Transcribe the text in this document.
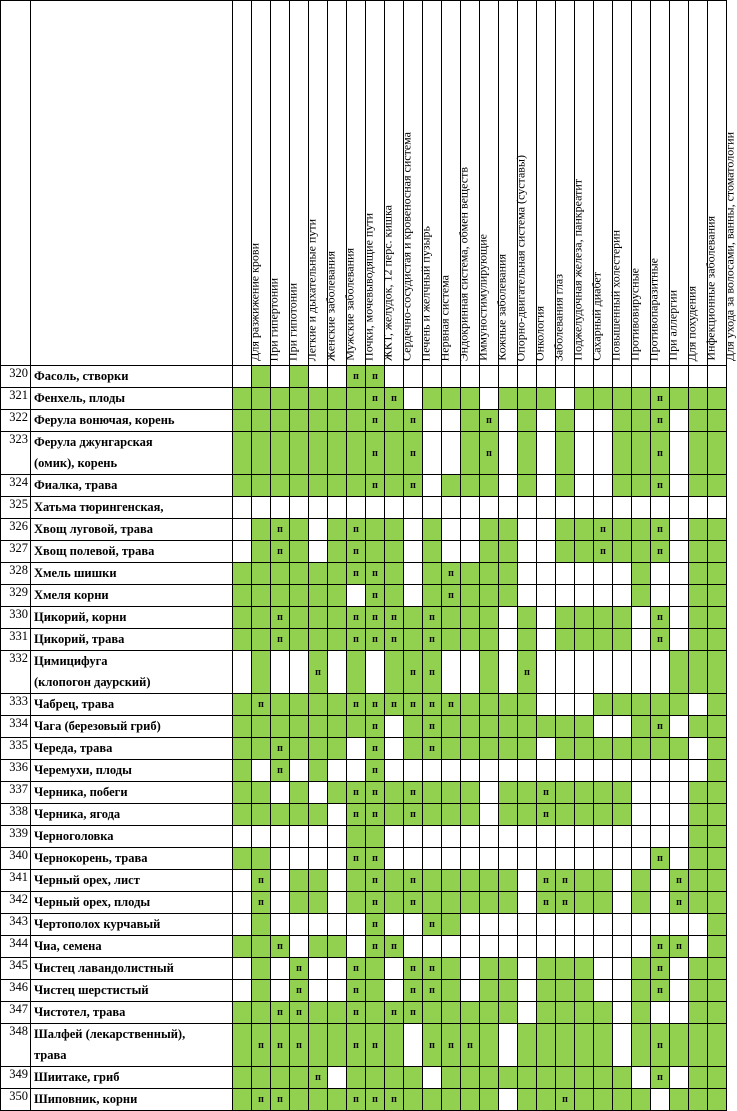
		Для разжижение крови	При гипертонии	При гипотонии	Легкие и дыхательные пути	Женские заболевания	Мужские заболевания	Почки, мочевыводящие пути	ЖКТ, желудок, 12 перс. кишка	Сердечно-сосудистая и кровеносная система	Печень и желчный пузырь	Нервная система	Эндокринная система, обмен веществ	Иммуностимулирующие	Кожные заболевания	Опорно-двигательная система (суставы)	Онкология	Заболевания глаз	Поджелудочная железа, панкреатит	Сахарный диабет	Повышенный холестерин	Противовирусные	Противопаразитные	При аллергии	Для похудения	Инфекционные заболевания	Для ухода за волосами, ванны, стоматологии

320	Фасоль, створки							п	п																		
321	Фенхель, плоды								п	п														п			
322	Ферула вонючая, корень								п		п				п									п			
323	Ферула джунгарская
(омик), корень								п		п				п									п			
324	Фиалка, трава								п		п													п			
325	Хатьма тюрингенская,																										

326	Хвощ луговой, трава			п				п													п			п			
327	Хвощ полевой, трава			п				п													п			п			
328	Хмель шишки							п	п				п														
329	Хмеля корни								п				п														
330	Цикорий, корни			п				п	п	п		п												п			
331	Цикорий, трава			п				п	п	п		п												п			
332	Цимицифуга
(клопогон даурский)					п					п	п					п										
333	Чабрец, трава		п					п	п	п	п	п	п														
334	Чага (березовый гриб)								п			п												п			
335	Череда, трава			п					п			п															
336	Черемухи, плоды			п					п																		
337	Черника, побеги							п	п		п							п									
338	Черника, ягода							п	п		п							п									
339	Черноголовка																										

340	Чернокорень, трава							п	п															п			
341	Черный орех, лист		п						п		п							п	п						п		
342	Черный орех, плоды		п						п		п							п	п						п		
343	Чертополох курчавый								п			п															
344	Чиа, семена			п					п	п														п	п		
345	Чистец лавандолистный				п			п			п	п												п			
346	Чистец шерстистый				п			п			п	п												п			
347	Чистотел, трава			п	п			п		п	п																
348	Шалфей (лекарственный),
трава		п	п	п			п	п			п	п	п										п			
349	Шиитаке, гриб					п																		п			
350	Шиповник, корни		п	п				п	п	п									п								
